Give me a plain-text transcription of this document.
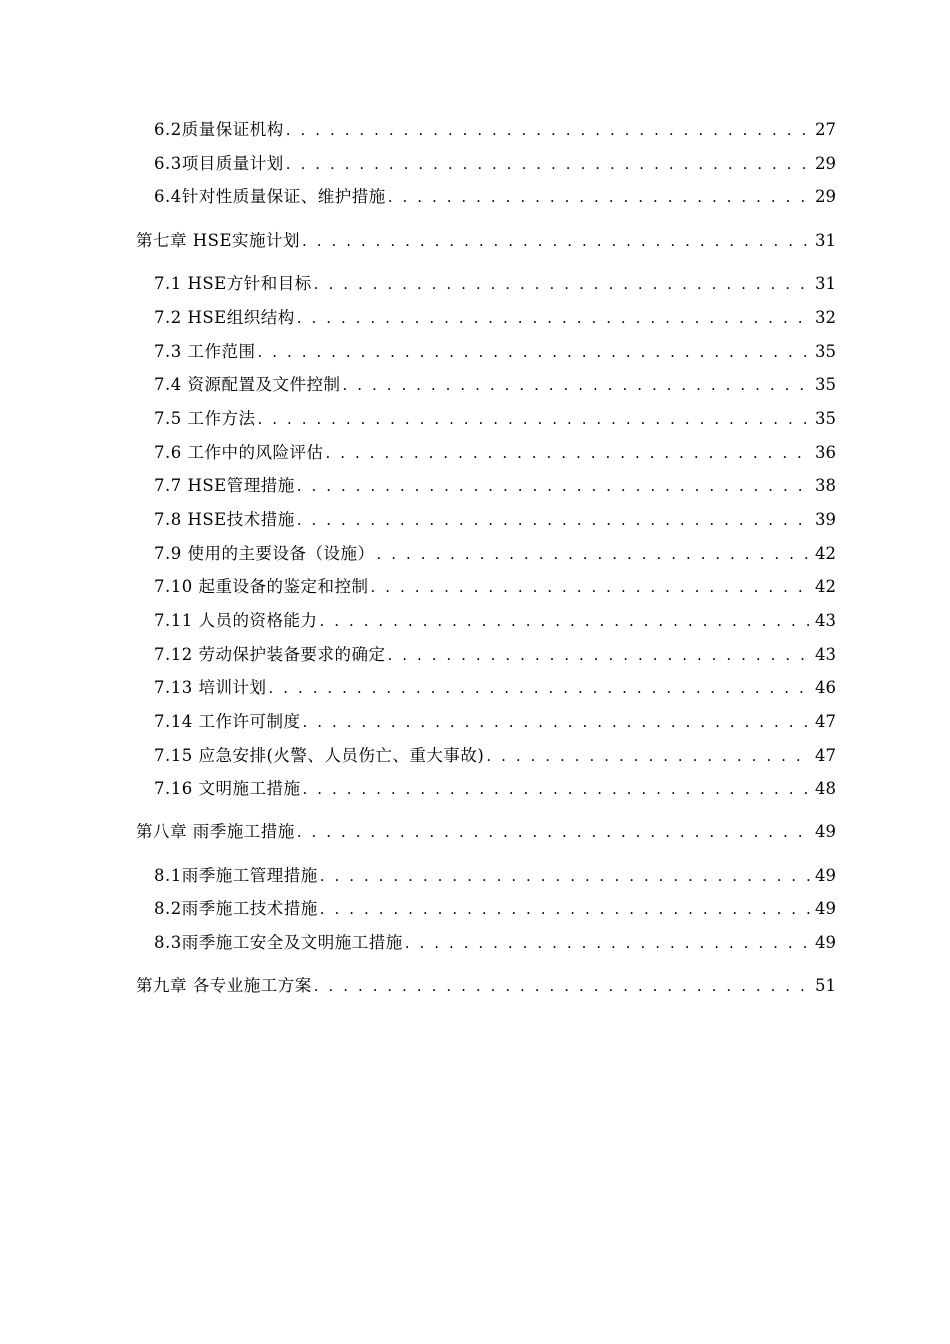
6.2质量保证机构 . . .	27
6.3项目质量计划 . . .	29
6.4针对性质量保证、维护措施 . . .	29
第七章 HSE实施计划 . . .	31
7.1 HSE方针和目标 . . .	31
7.2 HSE组织结构 . . .	32
7.3 工作范围 . . .	35
7.4 资源配置及文件控制 . . .	35
7.5 工作方法 . . .	35
7.6 工作中的风险评估 . . .	36
7.7 HSE管理措施 . . .	38
7.8 HSE技术措施 . . .	39
7.9 使用的主要设备（设施） . . .	42
7.10 起重设备的鉴定和控制 . . .	42
7.11 人员的资格能力 . . .	43
7.12 劳动保护装备要求的确定 . . .	43
7.13 培训计划 . . .	46
7.14 工作许可制度 . . .	47
7.15 应急安排(火警、人员伤亡、重大事故) . . .	47
7.16 文明施工措施 . . .	48
第八章 雨季施工措施 . . .	49
8.1雨季施工管理措施 . . .	49
8.2雨季施工技术措施 . . .	49
8.3雨季施工安全及文明施工措施 . . .	49
第九章 各专业施工方案 . . .	51
